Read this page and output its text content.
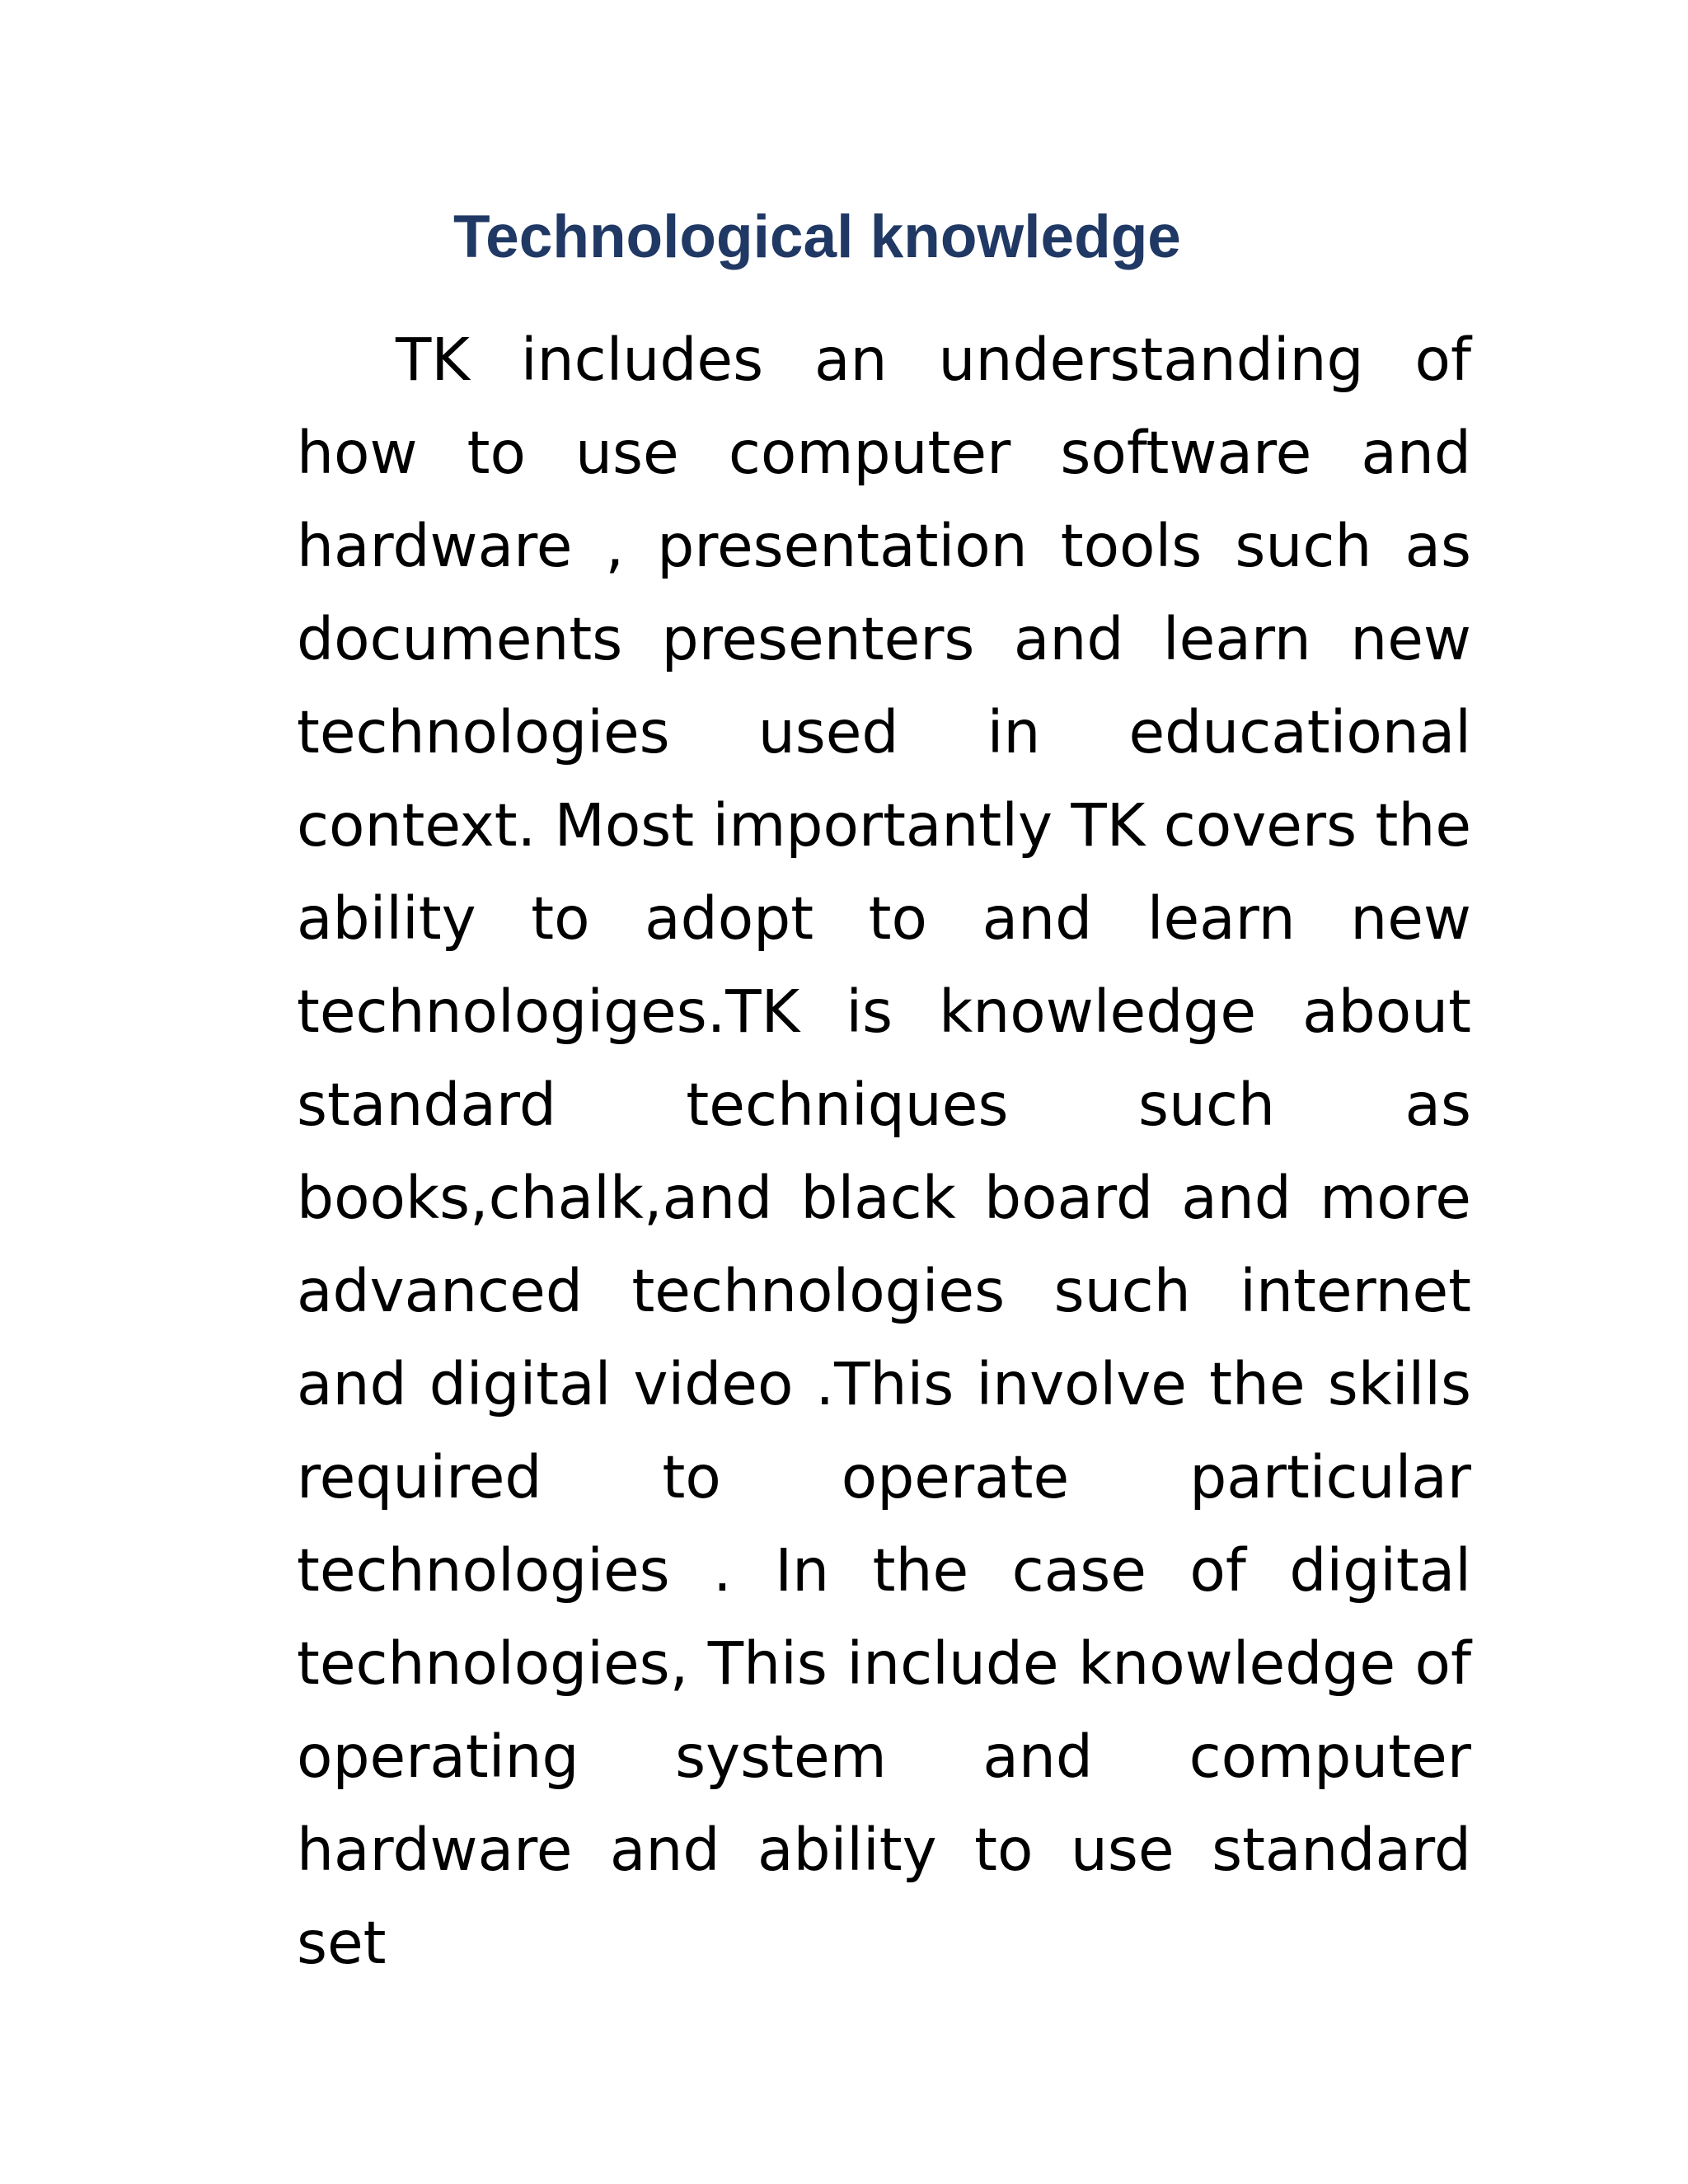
Technological knowledge

TK includes an understanding of how to use computer software and hardware , presentation tools such as documents presenters and learn new technologies used in educational context. Most importantly TK covers the ability to adopt to and learn new technologiges.TK is knowledge about standard techniques such as books,chalk,and black board and more advanced technologies such internet and digital video .This involve the skills required to operate particular technologies . In the case of digital technologies, This include knowledge of operating system and computer hardware and ability to use standard set
